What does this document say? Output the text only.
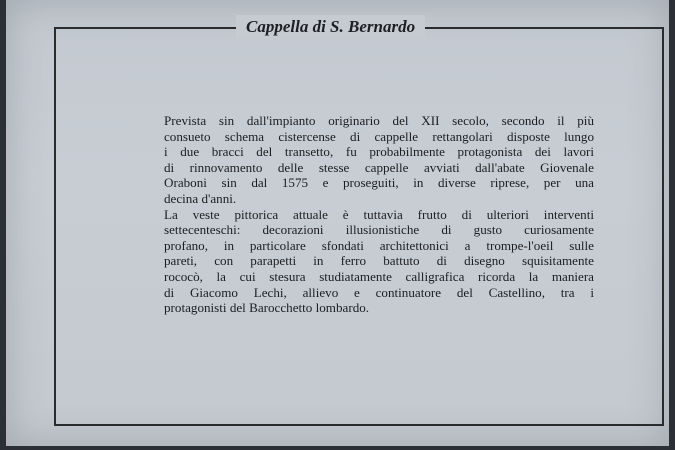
Cappella di S. Bernardo
Prevista sin dall'impianto originario del XII secolo, secondo il più
consueto schema cistercense di cappelle rettangolari disposte lungo
i due bracci del transetto, fu probabilmente protagonista dei lavori
di rinnovamento delle stesse cappelle avviati dall'abate Giovenale
Oraboni sin dal 1575 e proseguiti, in diverse riprese, per una
decina d'anni.
La veste pittorica attuale è tuttavia frutto di ulteriori interventi
settecenteschi: decorazioni illusionistiche di gusto curiosamente
profano, in particolare sfondati architettonici a trompe-l'oeil sulle
pareti, con parapetti in ferro battuto di disegno squisitamente
rococò, la cui stesura studiatamente calligrafica ricorda la maniera
di Giacomo Lechi, allievo e continuatore del Castellino, tra i
protagonisti del Barocchetto lombardo.
